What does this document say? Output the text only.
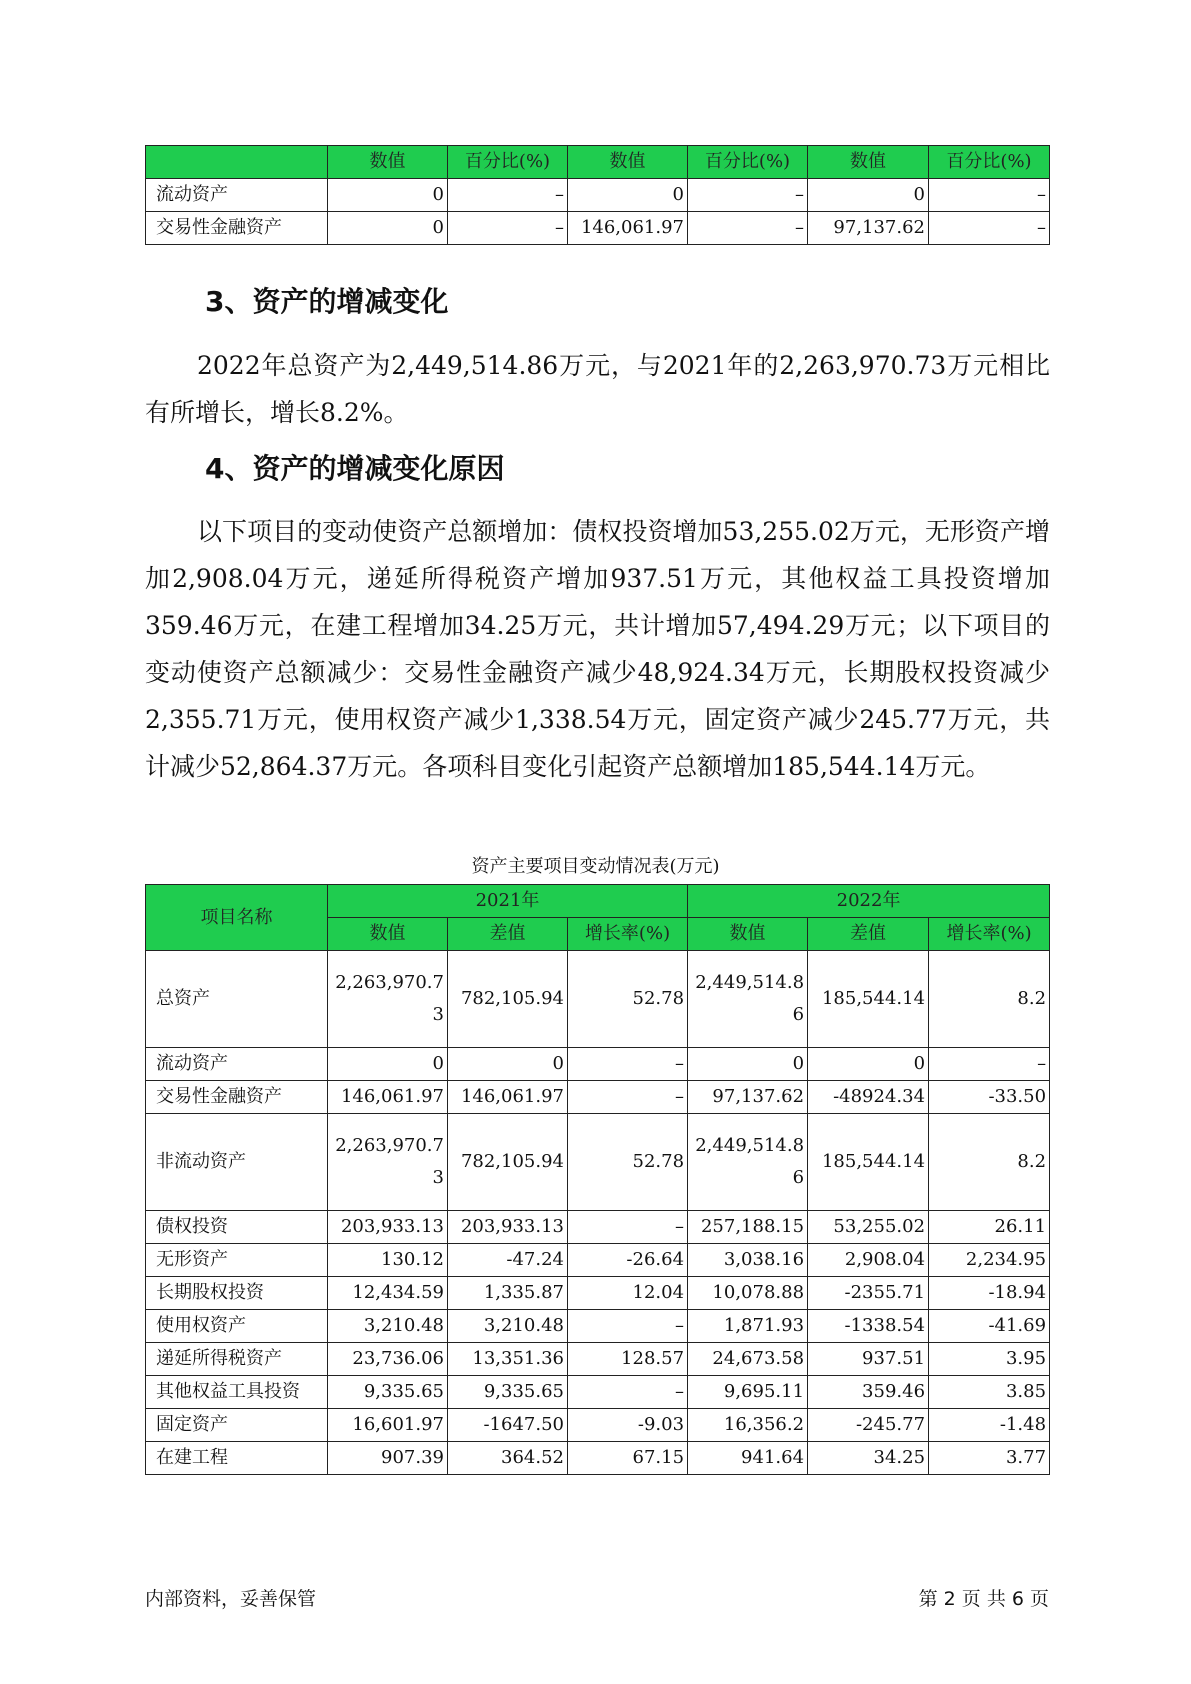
	数值	百分比(%)	数值	百分比(%)	数值	百分比(%)
流动资产	0	–	0	–	0	–
交易性金融资产	0	–	146,061.97	–	97,137.62	–
3、资产的增减变化
2022年总资产为2,449,514.86万元，与2021年的2,263,970.73万元相比有所增长，增长8.2%。
4、资产的增减变化原因
以下项目的变动使资产总额增加：债权投资增加53,255.02万元，无形资产增加2,908.04万元，递延所得税资产增加937.51万元，其他权益工具投资增加359.46万元，在建工程增加34.25万元，共计增加57,494.29万元；以下项目的变动使资产总额减少：交易性金融资产减少48,924.34万元，长期股权投资减少2,355.71万元，使用权资产减少1,338.54万元，固定资产减少245.77万元，共计减少52,864.37万元。各项科目变化引起资产总额增加185,544.14万元。
资产主要项目变动情况表(万元)
项目名称	2021年			2022年		
	数值	差值	增长率(%)	数值	差值	增长率(%)
总资产	2,263,970.73	782,105.94	52.78	2,449,514.86	185,544.14	8.2
流动资产	0	0	–	0	0	–
交易性金融资产	146,061.97	146,061.97	–	97,137.62	-48924.34	-33.50
非流动资产	2,263,970.73	782,105.94	52.78	2,449,514.86	185,544.14	8.2
债权投资	203,933.13	203,933.13	–	257,188.15	53,255.02	26.11
无形资产	130.12	-47.24	-26.64	3,038.16	2,908.04	2,234.95
长期股权投资	12,434.59	1,335.87	12.04	10,078.88	-2355.71	-18.94
使用权资产	3,210.48	3,210.48	–	1,871.93	-1338.54	-41.69
递延所得税资产	23,736.06	13,351.36	128.57	24,673.58	937.51	3.95
其他权益工具投资	9,335.65	9,335.65	–	9,695.11	359.46	3.85
固定资产	16,601.97	-1647.50	-9.03	16,356.2	-245.77	-1.48
在建工程	907.39	364.52	67.15	941.64	34.25	3.77
内部资料，妥善保管	第 2 页 共 6 页
